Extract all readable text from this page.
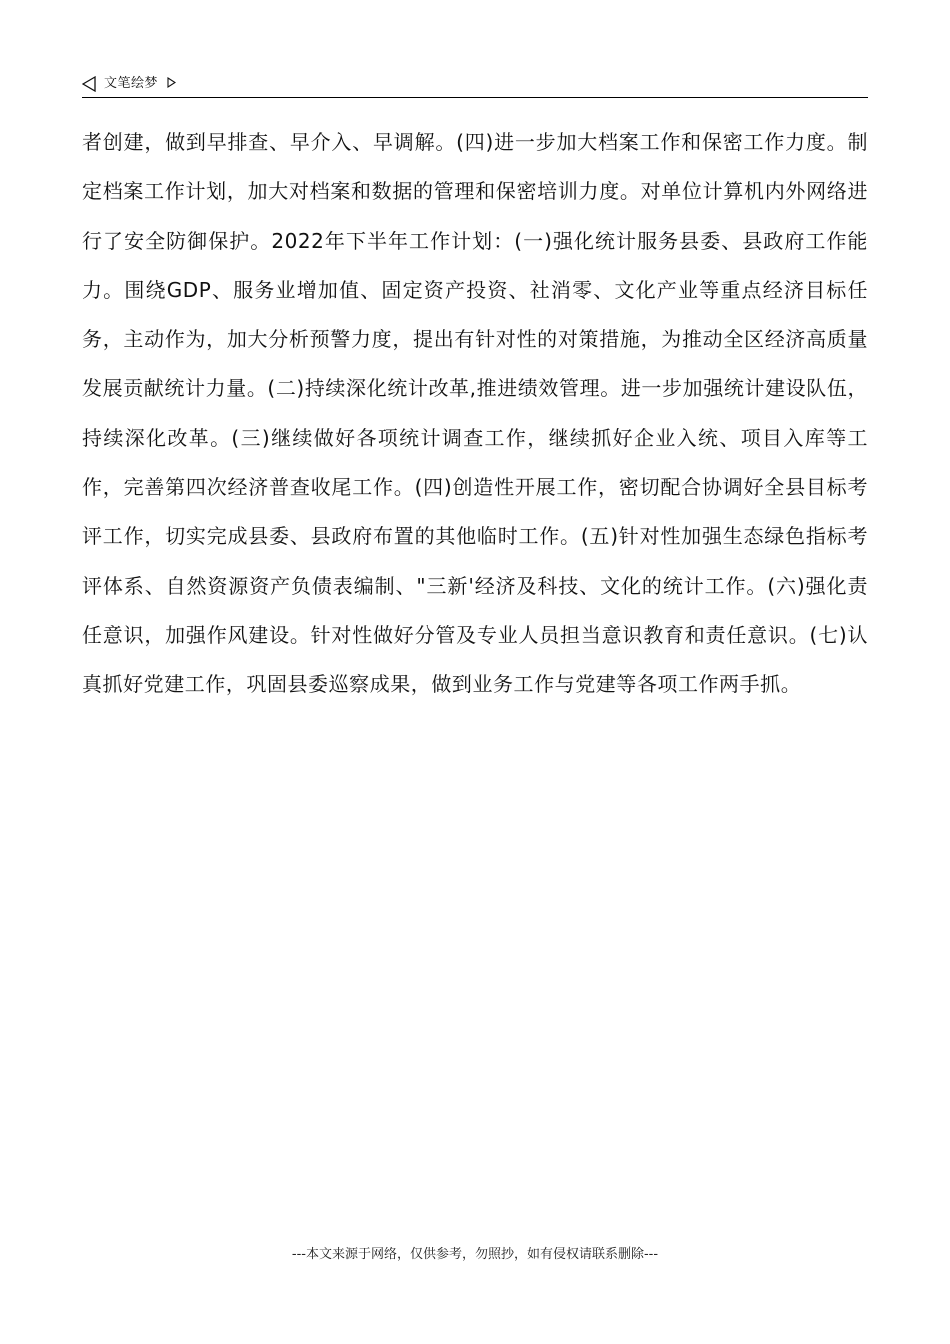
文笔绘梦

者创建，做到早排查、早介入、早调解。(四)进一步加大档案工作和保密工作力度。制定档案工作计划，加大对档案和数据的管理和保密培训力度。对单位计算机内外网络进行了安全防御保护。2022年下半年工作计划：(一)强化统计服务县委、县政府工作能力。围绕GDP、服务业增加值、固定资产投资、社消零、文化产业等重点经济目标任务，主动作为，加大分析预警力度，提出有针对性的对策措施，为推动全区经济高质量发展贡献统计力量。(二)持续深化统计改革,推进绩效管理。进一步加强统计建设队伍，持续深化改革。(三)继续做好各项统计调查工作，继续抓好企业入统、项目入库等工作，完善第四次经济普查收尾工作。(四)创造性开展工作，密切配合协调好全县目标考评工作，切实完成县委、县政府布置的其他临时工作。(五)针对性加强生态绿色指标考评体系、自然资源资产负债表编制、"三新'经济及科技、文化的统计工作。(六)强化责任意识，加强作风建设。针对性做好分管及专业人员担当意识教育和责任意识。(七)认真抓好党建工作，巩固县委巡察成果，做到业务工作与党建等各项工作两手抓。

---本文来源于网络，仅供参考，勿照抄，如有侵权请联系删除---
